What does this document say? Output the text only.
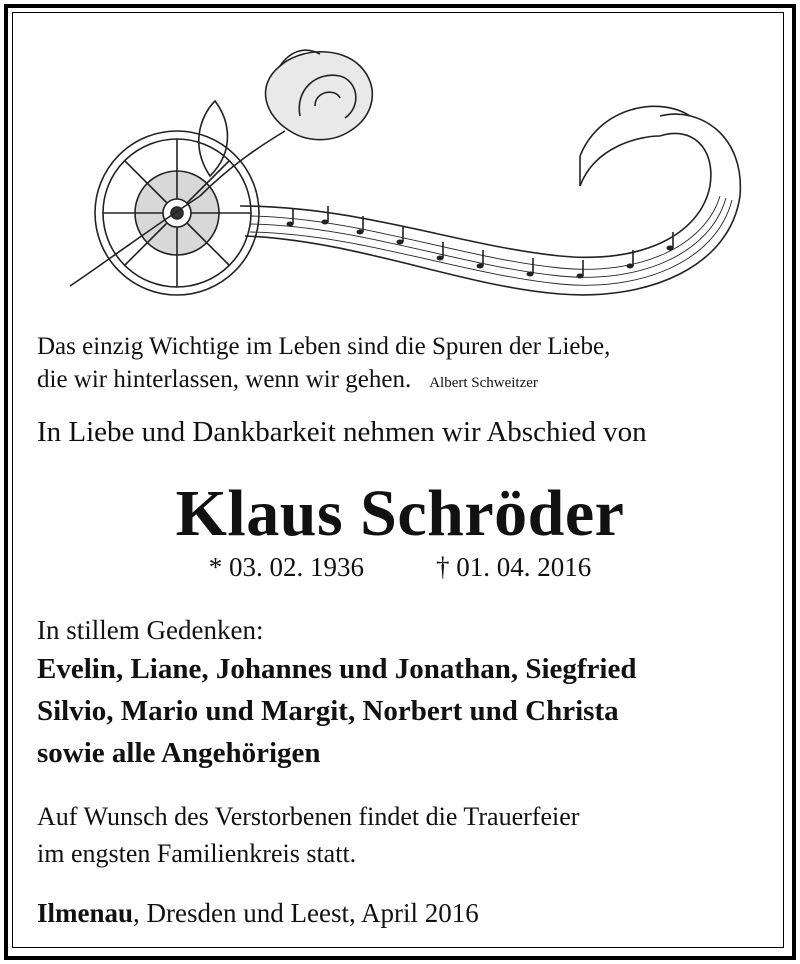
Das einzig Wichtige im Leben sind die Spuren der Liebe,
die wir hinterlassen, wenn wir gehen. Albert Schweitzer
In Liebe und Dankbarkeit nehmen wir Abschied von
Klaus Schröder
* 03. 02. 1936	† 01. 04. 2016
In stillem Gedenken:
Evelin, Liane, Johannes und Jonathan, Siegfried
Silvio, Mario und Margit, Norbert und Christa
sowie alle Angehörigen
Auf Wunsch des Verstorbenen findet die Trauerfeier
im engsten Familienkreis statt.
Ilmenau, Dresden und Leest, April 2016
